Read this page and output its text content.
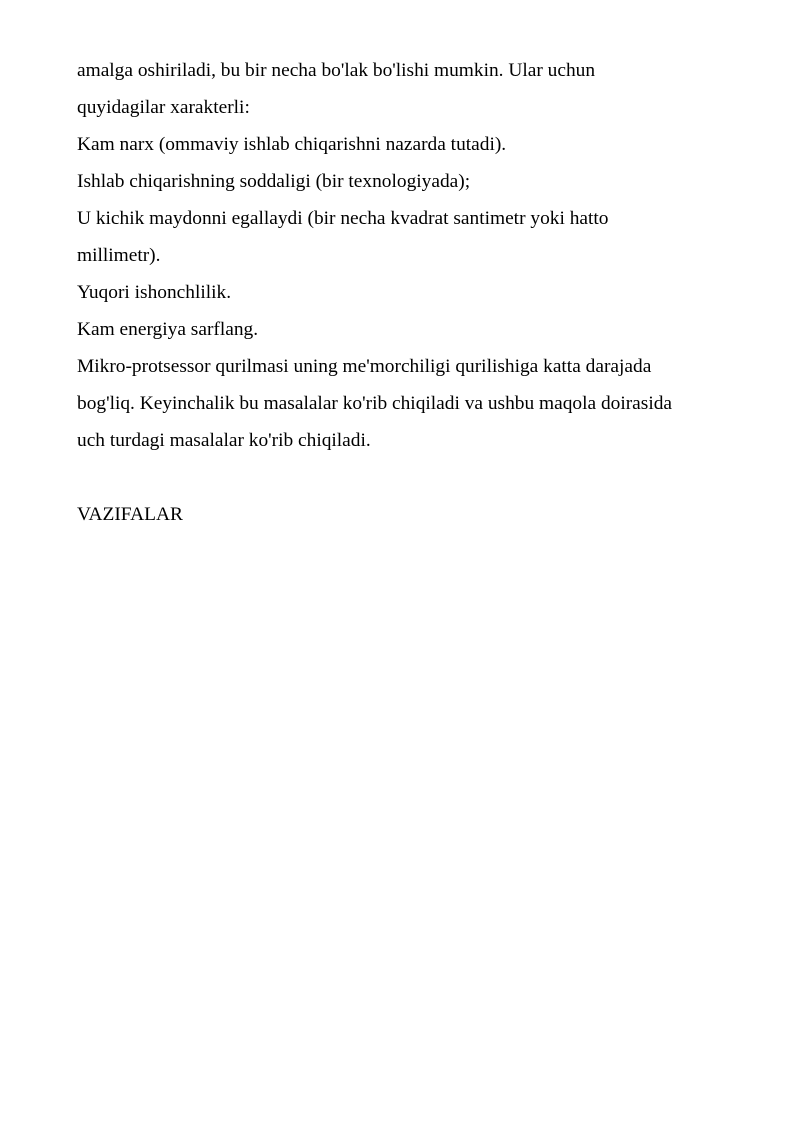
amalga oshiriladi, bu bir necha bo'lak bo'lishi mumkin. Ular uchun
quyidagilar xarakterli:
Kam narx (ommaviy ishlab chiqarishni nazarda tutadi).
Ishlab chiqarishning soddaligi (bir texnologiyada);
U kichik maydonni egallaydi (bir necha kvadrat santimetr yoki hatto
millimetr).
Yuqori ishonchlilik.
Kam energiya sarflang.
Mikro-protsessor qurilmasi uning me'morchiligi qurilishiga katta darajada
bog'liq. Keyinchalik bu masalalar ko'rib chiqiladi va ushbu maqola doirasida
uch turdagi masalalar ko'rib chiqiladi.
VAZIFALAR
